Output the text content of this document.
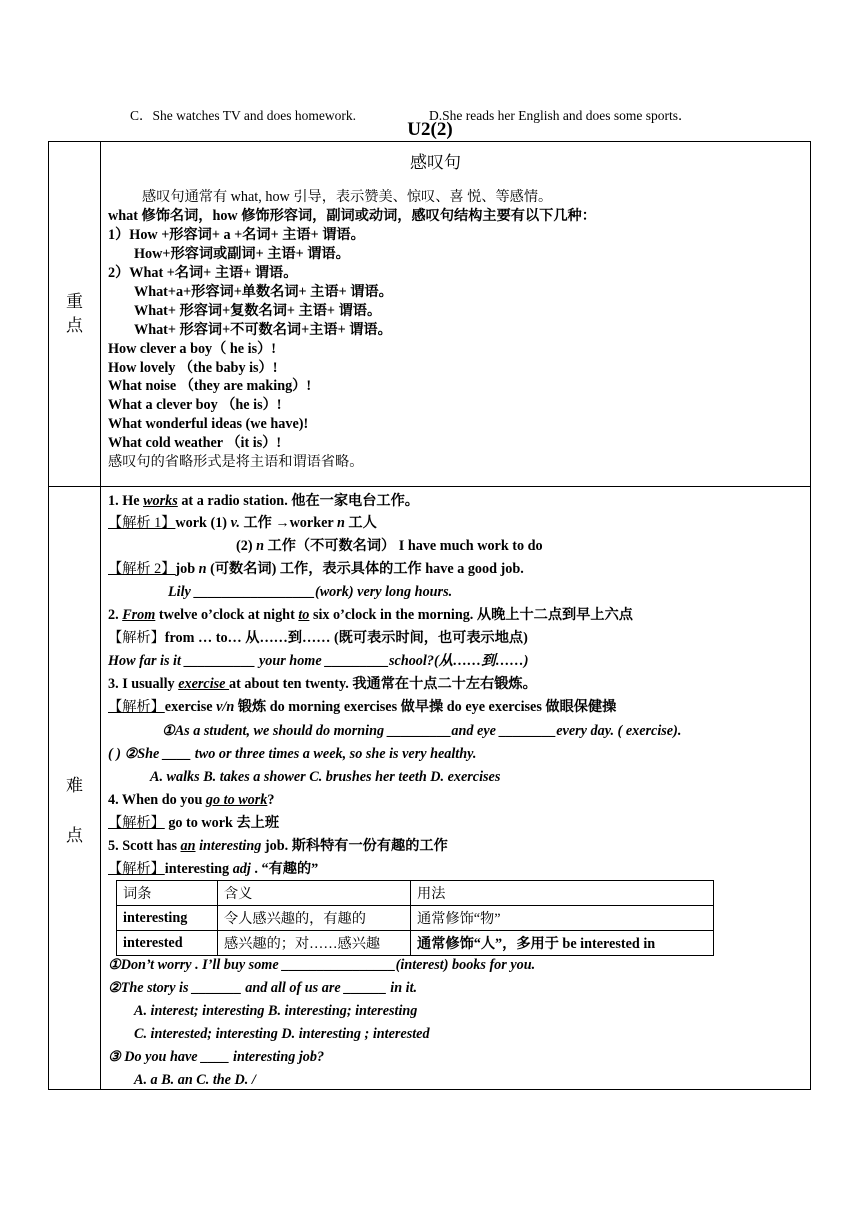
C．She watches TV and does homework.	D.She reads her English and does some sports．
U2(2)
重
点
感叹句
感叹句通常有 what, how 引导，表示赞美、惊叹、喜 悦、等感情。
what 修饰名词，how 修饰形容词，副词或动词，感叹句结构主要有以下几种：
1）How +形容词+ a +名词+ 主语+ 谓语。
How+形容词或副词+ 主语+ 谓语。
2）What +名词+ 主语+ 谓语。
What+a+形容词+单数名词+ 主语+ 谓语。
What+ 形容词+复数名词+ 主语+ 谓语。
What+ 形容词+不可数名词+主语+ 谓语。
How clever a boy（ he is）!
How lovely （the baby is）!
What noise （they are making）!
What a clever boy （he is）!
What wonderful ideas (we have)!
What cold weather （it is）!
感叹句的省略形式是将主语和谓语省略。
难
点
1. He works at a radio station. 他在一家电台工作。
【解析 1】work (1) v. 工作 →worker n 工人
(2) n 工作（不可数名词） I have much work to do
【解析 2】job n (可数名词) 工作，表示具体的工作 have a good job.
Lily _________________(work) very long hours.
2. From twelve o’clock at night to six o’clock in the morning. 从晚上十二点到早上六点
【解析】from … to… 从……到…… (既可表示时间，也可表示地点)
How far is it __________ your home _________school?(从……到……)
3. I usually exercise at about ten twenty. 我通常在十点二十左右锻炼。
【解析】exercise v/n 锻炼 do morning exercises 做早操 do eye exercises 做眼保健操
①As a student, we should do morning _________and eye ________every day. ( exercise).
( ) ②She ____ two or three times a week, so she is very healthy.
A. walks B. takes a shower C. brushes her teeth D. exercises
4. When do you go to work?
【解析】 go to work 去上班
5. Scott has an interesting job. 斯科特有一份有趣的工作
【解析】interesting adj . “有趣的”
词条	含义	用法
interesting	令人感兴趣的，有趣的	通常修饰“物”
interested	感兴趣的；对……感兴趣	通常修饰“人”，多用于 be interested in
①Don’t worry . I’ll buy some ________________(interest) books for you.
②The story is _______ and all of us are ______ in it.
A. interest; interesting B. interesting; interesting
C. interested; interesting D. interesting ; interested
③ Do you have ____ interesting job?
A. a B. an C. the D. /
